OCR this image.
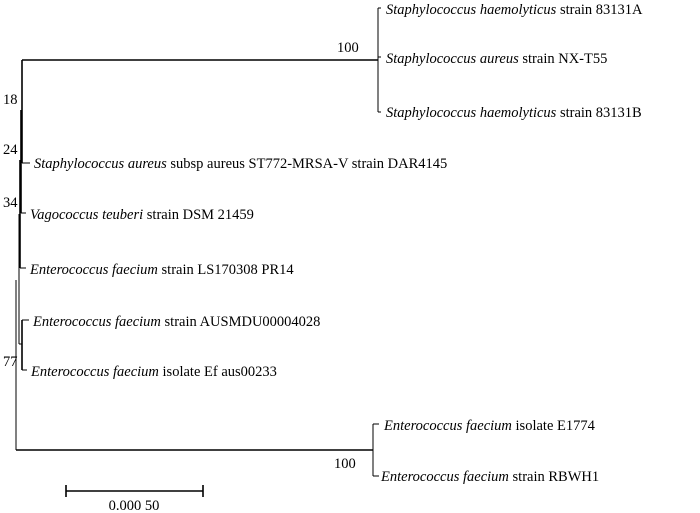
Staphylococcus haemolyticus strain 83131A
Staphylococcus aureus strain NX-T55
Staphylococcus haemolyticus strain 83131B
Staphylococcus aureus subsp aureus ST772-MRSA-V strain DAR4145
Vagococcus teuberi strain DSM 21459
Enterococcus faecium strain LS170308 PR14
Enterococcus faecium strain AUSMDU00004028
Enterococcus faecium isolate Ef aus00233
Enterococcus faecium isolate E1774
Enterococcus faecium strain RBWH1
100
18
24
34
77
100
0.000 50
